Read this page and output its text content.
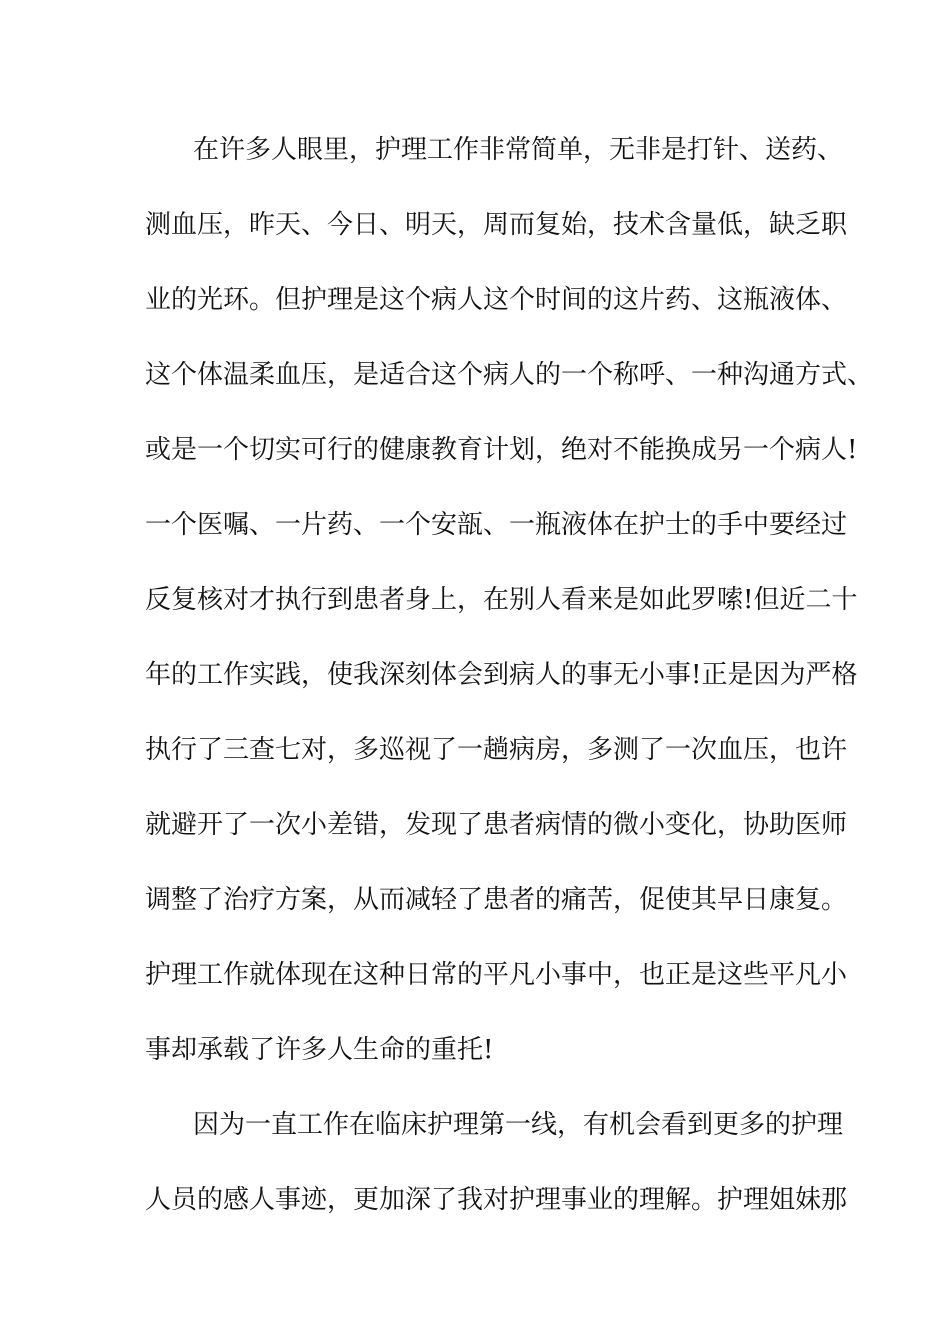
在许多人眼里，护理工作非常简单，无非是打针、送药、
测血压，昨天、今日、明天，周而复始，技术含量低，缺乏职
业的光环。但护理是这个病人这个时间的这片药、这瓶液体、
这个体温柔血压，是适合这个病人的一个称呼、一种沟通方式、
或是一个切实可行的健康教育计划，绝对不能换成另一个病人!
一个医嘱、一片药、一个安瓿、一瓶液体在护士的手中要经过
反复核对才执行到患者身上，在别人看来是如此罗嗦!但近二十
年的工作实践，使我深刻体会到病人的事无小事!正是因为严格
执行了三查七对，多巡视了一趟病房，多测了一次血压，也许
就避开了一次小差错，发现了患者病情的微小变化，协助医师
调整了治疗方案，从而减轻了患者的痛苦，促使其早日康复。
护理工作就体现在这种日常的平凡小事中，也正是这些平凡小
事却承载了许多人生命的重托!
因为一直工作在临床护理第一线，有机会看到更多的护理
人员的感人事迹，更加深了我对护理事业的理解。护理姐妹那
